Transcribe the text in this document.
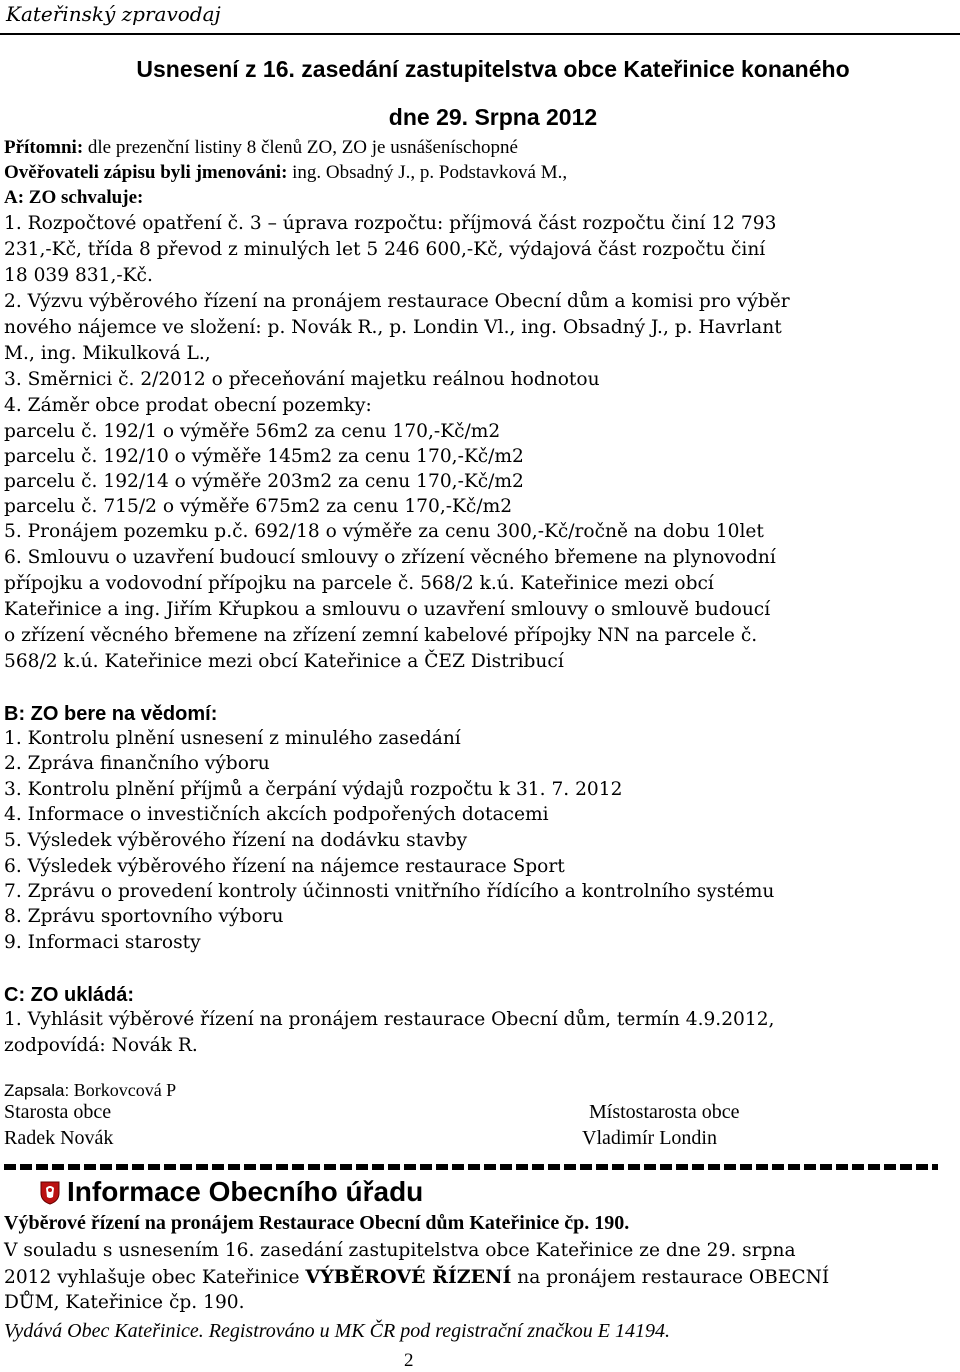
Kateřinský zpravodaj
Usnesení z 16. zasedání zastupitelstva obce Kateřinice konaného
dne 29. Srpna 2012
Přítomni: dle prezenční listiny 8 členů ZO, ZO je usnášeníschopné
Ověřovateli zápisu byli jmenováni: ing. Obsadný J., p. Podstavková M.,
A: ZO schvaluje:
1. Rozpočtové opatření č. 3 – úprava rozpočtu: příjmová část rozpočtu činí 12 793
231,-Kč, třída 8 převod z minulých let 5 246 600,-Kč, výdajová část rozpočtu činí
18 039 831,-Kč.
2. Výzvu výběrového řízení na pronájem restaurace Obecní dům a komisi pro výběr
nového nájemce ve složení: p. Novák R., p. Londin Vl., ing. Obsadný J., p. Havrlant
M., ing. Mikulková L.,
3. Směrnici č. 2/2012 o přeceňování majetku reálnou hodnotou
4. Záměr obce prodat obecní pozemky:
parcelu č. 192/1 o výměře 56m2 za cenu 170,-Kč/m2
parcelu č. 192/10 o výměře 145m2 za cenu 170,-Kč/m2
parcelu č. 192/14 o výměře 203m2 za cenu 170,-Kč/m2
parcelu č. 715/2 o výměře 675m2 za cenu 170,-Kč/m2
5. Pronájem pozemku p.č. 692/18 o výměře za cenu 300,-Kč/ročně na dobu 10let
6. Smlouvu o uzavření budoucí smlouvy o zřízení věcného břemene na plynovodní
přípojku a vodovodní přípojku na parcele č. 568/2 k.ú. Kateřinice mezi obcí
Kateřinice a ing. Jiřím Křupkou a smlouvu o uzavření smlouvy o smlouvě budoucí
o zřízení věcného břemene na zřízení zemní kabelové přípojky NN na parcele č.
568/2 k.ú. Kateřinice mezi obcí Kateřinice a ČEZ Distribucí
B: ZO bere na vědomí:
1. Kontrolu plnění usnesení z minulého zasedání
2. Zpráva finančního výboru
3. Kontrolu plnění příjmů a čerpání výdajů rozpočtu k 31. 7. 2012
4. Informace o investičních akcích podpořených dotacemi
5. Výsledek výběrového řízení na dodávku stavby
6. Výsledek výběrového řízení na nájemce restaurace Sport
7. Zprávu o provedení kontroly účinnosti vnitřního řídícího a kontrolního systému
8. Zprávu sportovního výboru
9. Informaci starosty
C: ZO ukládá:
1. Vyhlásit výběrové řízení na pronájem restaurace Obecní dům, termín 4.9.2012,
zodpovídá: Novák R.
Zapsala: Borkovcová P
Starosta obce
Radek Novák
Místostarosta obce
Vladimír Londin
Informace Obecního úřadu
Výběrové řízení na pronájem Restaurace Obecní dům Kateřinice čp. 190.
V souladu s usnesením 16. zasedání zastupitelstva obce Kateřinice ze dne 29. srpna
2012 vyhlašuje obec Kateřinice VÝBĚROVÉ ŘÍZENÍ na pronájem restaurace OBECNÍ
DŮM, Kateřinice čp. 190.
Vydává Obec Kateřinice. Registrováno u MK ČR pod registrační značkou E 14194.
2
